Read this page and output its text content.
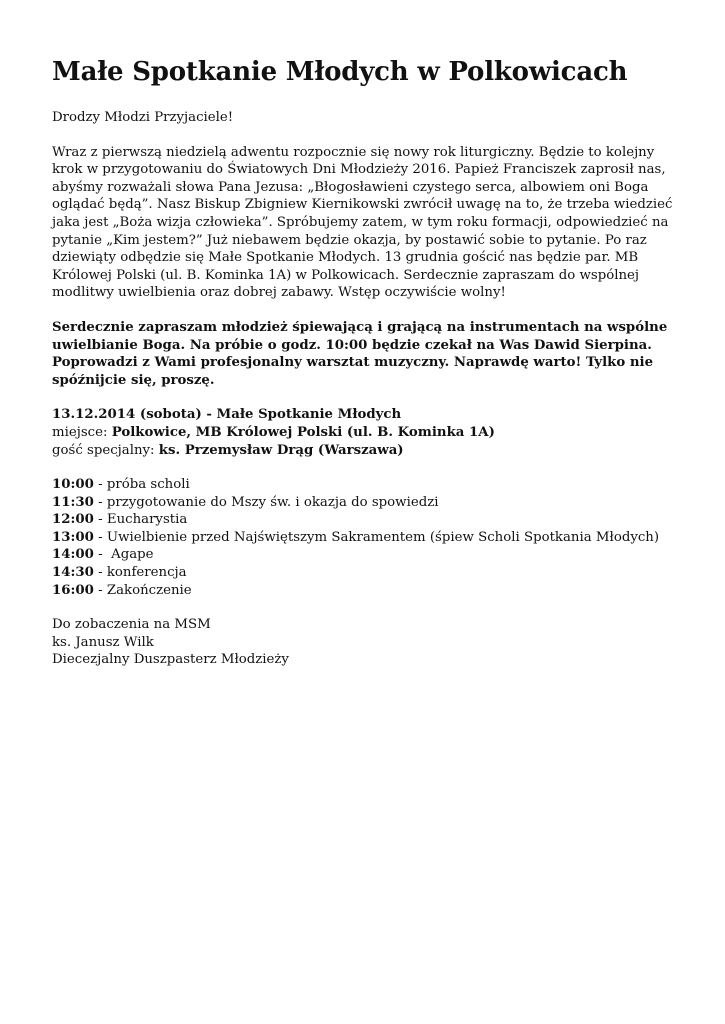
Małe Spotkanie Młodych w Polkowicach

Drodzy Młodzi Przyjaciele!

Wraz z pierwszą niedzielą adwentu rozpocznie się nowy rok liturgiczny. Będzie to kolejny krok w przygotowaniu do Światowych Dni Młodzieży 2016. Papież Franciszek zaprosił nas, abyśmy rozważali słowa Pana Jezusa: „Błogosławieni czystego serca, albowiem oni Boga oglądać będą”. Nasz Biskup Zbigniew Kiernikowski zwrócił uwagę na to, że trzeba wiedzieć jaka jest „Boża wizja człowieka”. Spróbujemy zatem, w tym roku formacji, odpowiedzieć na pytanie „Kim jestem?” Już niebawem będzie okazja, by postawić sobie to pytanie. Po raz dziewiąty odbędzie się Małe Spotkanie Młodych. 13 grudnia gościć nas będzie par. MB Królowej Polski (ul. B. Kominka 1A) w Polkowicach. Serdecznie zapraszam do wspólnej modlitwy uwielbienia oraz dobrej zabawy. Wstęp oczywiście wolny!

Serdecznie zapraszam młodzież śpiewającą i grającą na instrumentach na wspólne uwielbianie Boga. Na próbie o godz. 10:00 będzie czekał na Was Dawid Sierpina. Poprowadzi z Wami profesjonalny warsztat muzyczny. Naprawdę warto! Tylko nie spóźnijcie się, proszę.

13.12.2014 (sobota) - Małe Spotkanie Młodych
miejsce: Polkowice, MB Królowej Polski (ul. B. Kominka 1A)
gość specjalny: ks. Przemysław Drąg (Warszawa)

10:00 - próba scholi
11:30 - przygotowanie do Mszy św. i okazja do spowiedzi
12:00 - Eucharystia
13:00 - Uwielbienie przed Najświętszym Sakramentem (śpiew Scholi Spotkania Młodych)
14:00 -  Agape
14:30 - konferencja
16:00 - Zakończenie

Do zobaczenia na MSM
ks. Janusz Wilk
Diecezjalny Duszpasterz Młodzieży
